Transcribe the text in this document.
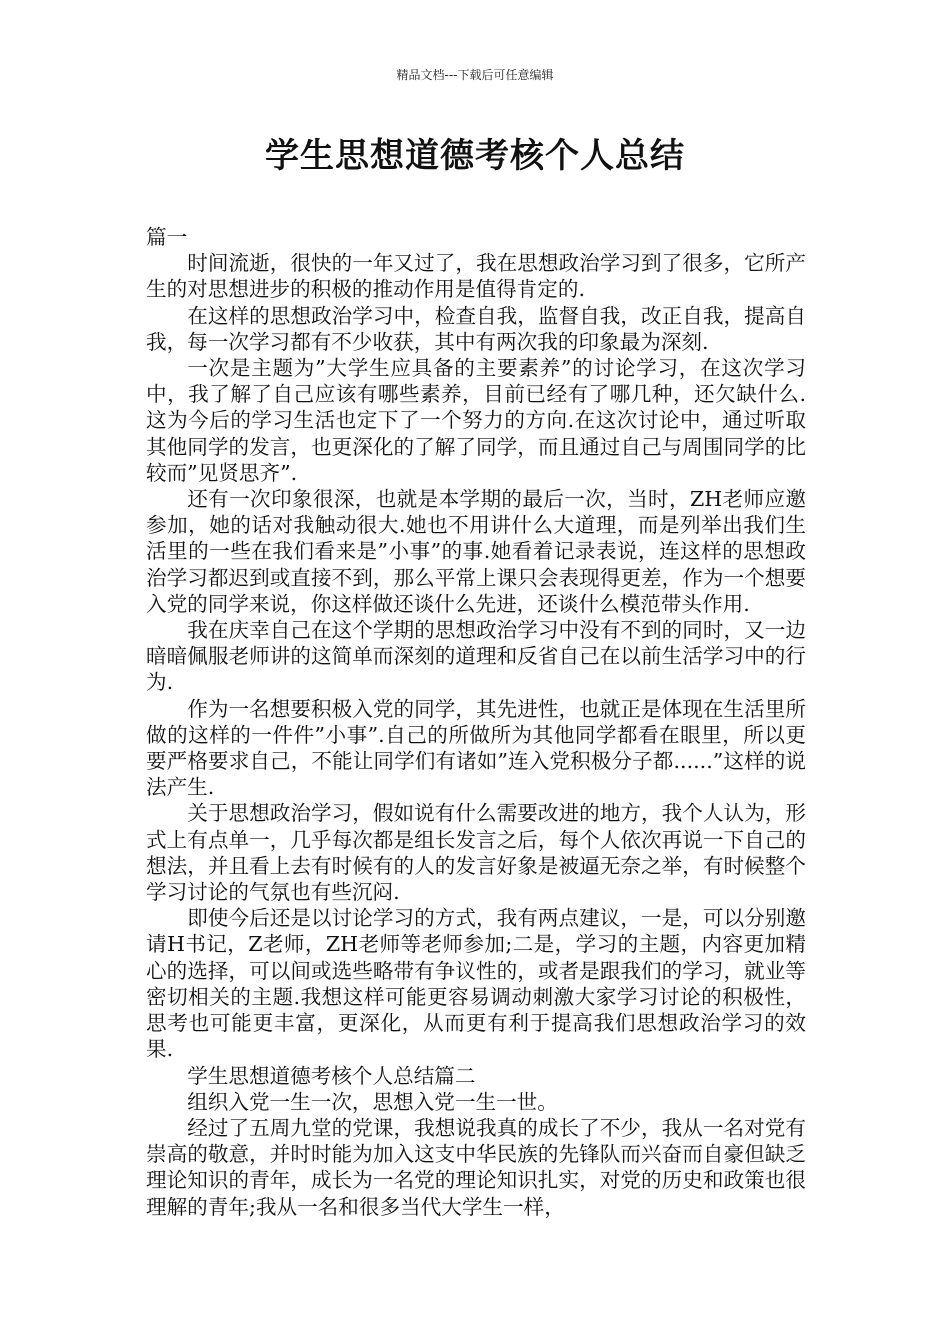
精品文档---下载后可任意编辑
学生思想道德考核个人总结

篇一

时间流逝，很快的一年又过了，我在思想政治学习到了很多，它所产生的对思想进步的积极的推动作用是值得肯定的.

在这样的思想政治学习中，检查自我，监督自我，改正自我，提高自我，每一次学习都有不少收获，其中有两次我的印象最为深刻.

一次是主题为”大学生应具备的主要素养”的讨论学习，在这次学习中，我了解了自己应该有哪些素养，目前已经有了哪几种，还欠缺什么.这为今后的学习生活也定下了一个努力的方向.在这次讨论中，通过听取其他同学的发言，也更深化的了解了同学，而且通过自己与周围同学的比较而”见贤思齐”.

还有一次印象很深，也就是本学期的最后一次，当时，ZH老师应邀参加，她的话对我触动很大.她也不用讲什么大道理，而是列举出我们生活里的一些在我们看来是”小事”的事.她看着记录表说，连这样的思想政治学习都迟到或直接不到，那么平常上课只会表现得更差，作为一个想要入党的同学来说，你这样做还谈什么先进，还谈什么模范带头作用.

我在庆幸自己在这个学期的思想政治学习中没有不到的同时，又一边暗暗佩服老师讲的这简单而深刻的道理和反省自己在以前生活学习中的行为.

作为一名想要积极入党的同学，其先进性，也就正是体现在生活里所做的这样的一件件”小事”.自己的所做所为其他同学都看在眼里，所以更要严格要求自己，不能让同学们有诸如”连入党积极分子都......”这样的说法产生.

关于思想政治学习，假如说有什么需要改进的地方，我个人认为，形式上有点单一，几乎每次都是组长发言之后，每个人依次再说一下自己的想法，并且看上去有时候有的人的发言好象是被逼无奈之举，有时候整个学习讨论的气氛也有些沉闷.

即使今后还是以讨论学习的方式，我有两点建议，一是，可以分别邀请H书记，Z老师，ZH老师等老师参加;二是，学习的主题，内容更加精心的选择，可以间或选些略带有争议性的，或者是跟我们的学习，就业等密切相关的主题.我想这样可能更容易调动刺激大家学习讨论的积极性，思考也可能更丰富，更深化，从而更有利于提高我们思想政治学习的效果.

学生思想道德考核个人总结篇二

组织入党一生一次，思想入党一生一世。

经过了五周九堂的党课，我想说我真的成长了不少，我从一名对党有崇高的敬意，并时时能为加入这支中华民族的先锋队而兴奋而自豪但缺乏理论知识的青年，成长为一名党的理论知识扎实，对党的历史和政策也很理解的青年;我从一名和很多当代大学生一样，
